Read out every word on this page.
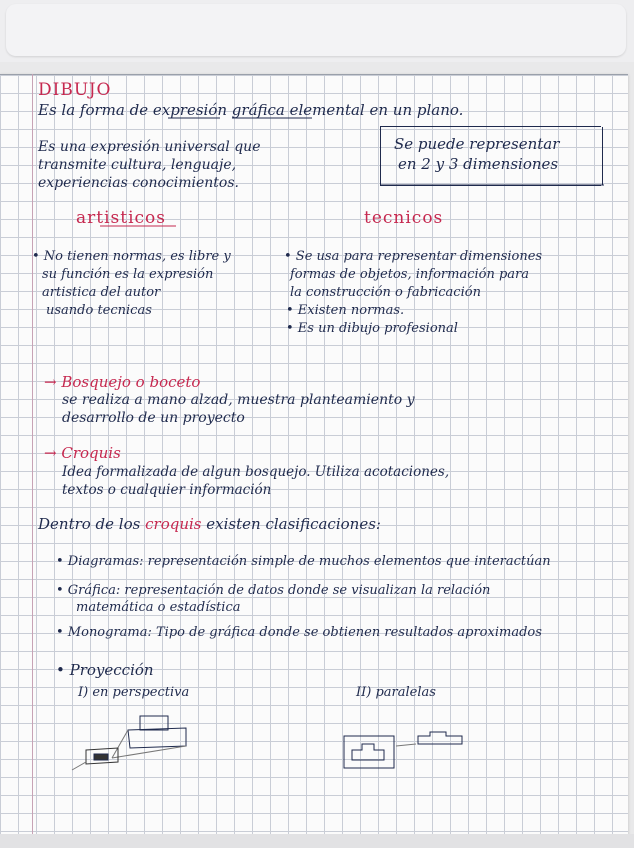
DIBUJO
Es la forma de expresión gráfica elemental en un plano.
Es una expresión universal que
transmite cultura, lenguaje,
experiencias conocimientos.
Se puede representar
en 2 y 3 dimensiones
artisticos	tecnicos
• No tienen normas, es libre y
su función es la expresión
artistica del autor
usando tecnicas
• Se usa para representar dimensiones
formas de objetos, información para
la construcción o fabricación
• Existen normas.
• Es un dibujo profesional
→ Bosquejo o boceto
se realiza a mano alzad, muestra planteamiento y
desarrollo de un proyecto
→ Croquis
Idea formalizada de algun bosquejo. Utiliza acotaciones,
textos o cualquier información
Dentro de los croquis existen clasificaciones:
• Diagramas: representación simple de muchos elementos que interactúan
• Gráfica: representación de datos donde se visualizan la relación
matemática o estadística
• Monograma: Tipo de gráfica donde se obtienen resultados aproximados
• Proyección
I) en perspectiva	II) paralelas
